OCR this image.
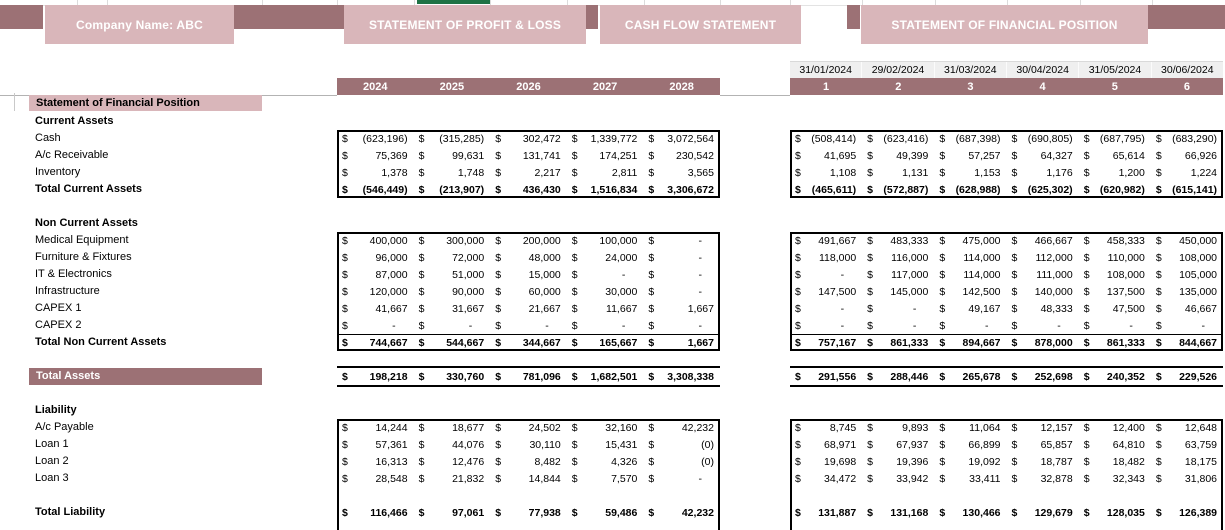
Company Name: ABC	STATEMENT OF PROFIT & LOSS	CASH FLOW STATEMENT	STATEMENT OF FINANCIAL POSITION
2024	2025	2026	2027	2028
31/01/2024	29/02/2024	31/03/2024	30/04/2024	31/05/2024	30/06/2024
1	2	3	4	5	6
Statement of Financial Position
Current Assets
Cash	$ (623,196) $ (315,285) $ 302,472 $ 1,339,772 $ 3,072,564	$ (508,414) $ (623,416) $ (687,398) $ (690,805) $ (687,795) $ (683,290)
A/c Receivable	$	75,369 $	99,631 $ 131,741 $ 174,251 $ 230,542	$ 41,695 $ 49,399 $ 57,257 $ 64,327 $ 65,614 $ 66,926
Inventory	$	1,378 $	1,748 $	2,217 $	2,811 $	3,565	$	1,108 $	1,131 $	1,153 $	1,176 $	1,200 $	1,224
Total Current Assets	$ (546,449) $ (213,907) $ 436,430 $ 1,516,834 $ 3,306,672	$ (465,611) $ (572,887) $ (628,988) $ (625,302) $ (620,982) $ (615,141)
Non Current Assets
Medical Equipment	$ 400,000 $ 300,000 $ 200,000 $ 100,000 $	-	$ 491,667 $ 483,333 $ 475,000 $ 466,667 $ 458,333 $ 450,000
Furniture & Fixtures	$	96,000 $	72,000 $	48,000 $	24,000 $	-	$ 118,000 $ 116,000 $ 114,000 $ 112,000 $ 110,000 $ 108,000
IT & Electronics	$	87,000 $	51,000 $	15,000 $	-	$	-	$	-	$ 117,000 $ 114,000 $ 111,000 $ 108,000 $ 105,000
Infrastructure	$ 120,000 $	90,000 $	60,000 $	30,000 $	-	$ 147,500 $ 145,000 $ 142,500 $ 140,000 $ 137,500 $ 135,000
CAPEX 1	$	41,667 $	31,667 $	21,667 $	11,667 $	1,667	$	-	$	-	$ 49,167 $ 48,333 $ 47,500 $ 46,667
CAPEX 2	$	-	$	-	$	-	$	-	$	-	$	-	$	-	$	-	$	-	$	-	$	-
Total Non Current Assets	$ 744,667 $ 544,667 $ 344,667 $ 165,667 $	1,667	$ 757,167 $ 861,333 $ 894,667 $ 878,000 $ 861,333 $ 844,667
Total Assets	$ 198,218 $ 330,760 $ 781,096 $ 1,682,501 $ 3,308,338	$ 291,556 $ 288,446 $ 265,678 $ 252,698 $ 240,352 $ 229,526
Liability
A/c Payable	$	14,244 $	18,677 $	24,502 $	32,160 $	42,232	$	8,745 $	9,893 $ 11,064 $ 12,157 $ 12,400 $ 12,648
Loan 1	$	57,361 $	44,076 $	30,110 $	15,431 $	(0)	$ 68,971 $ 67,937 $ 66,899 $ 65,857 $ 64,810 $ 63,759
Loan 2	$	16,313 $	12,476 $	8,482 $	4,326 $	(0)	$ 19,698 $ 19,396 $ 19,092 $ 18,787 $ 18,482 $ 18,175
Loan 3	$	28,548 $	21,832 $	14,844 $	7,570 $	-	$ 34,472 $ 33,942 $ 33,411 $ 32,878 $ 32,343 $ 31,806
Total Liability	$ 116,466 $	97,061 $	77,938 $	59,486 $	42,232	$ 131,887 $ 131,168 $ 130,466 $ 129,679 $ 128,035 $ 126,389
